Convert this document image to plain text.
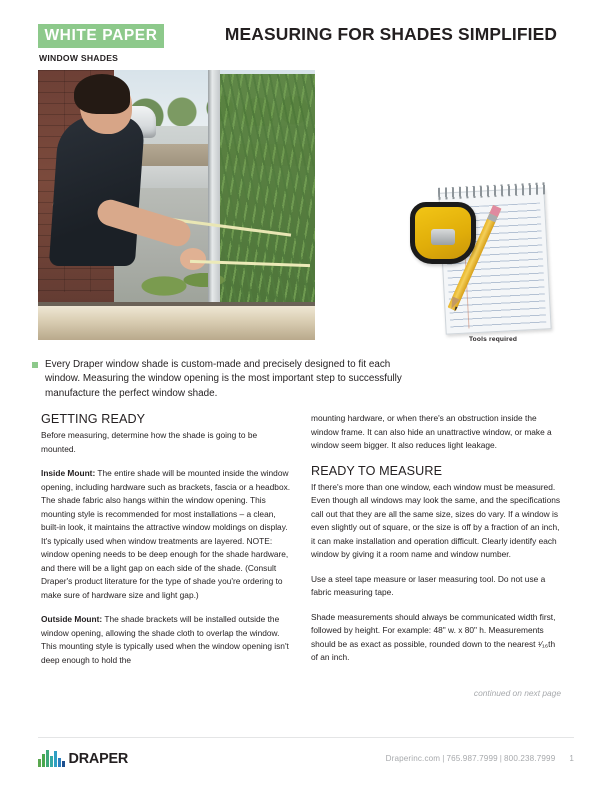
WHITE PAPER
WINDOW SHADES
MEASURING FOR SHADES SIMPLIFIED
Tools required
Every Draper window shade is custom-made and precisely designed to fit each window. Measuring the window opening is the most important step to successfully manufacture the perfect window shade.
GETTING READY

Before measuring, determine how the shade is going to be mounted.

Inside Mount: The entire shade will be mounted inside the window opening, including hardware such as brackets, fascia or a headbox. The shade fabric also hangs within the window opening. This mounting style is recommended for most installations – a clean, built-in look, it maintains the attractive window moldings on display. It's typically used when window treatments are layered. NOTE: window opening needs to be deep enough for the shade hardware, and there will be a light gap on each side of the shade. (Consult Draper's product literature for the type of shade you're ordering to make sure of hardware size and light gap.)

Outside Mount: The shade brackets will be installed outside the window opening, allowing the shade cloth to overlap the window. This mounting style is typically used when the window opening isn't deep enough to hold the

mounting hardware, or when there's an obstruction inside the window frame. It can also hide an unattractive window, or make a window seem bigger. It also reduces light leakage.

READY TO MEASURE

If there's more than one window, each window must be measured. Even though all windows may look the same, and the specifications call out that they are all the same size, sizes do vary. If a window is even slightly out of square, or the size is off by a fraction of an inch, it can make installation and operation difficult. Clearly identify each window by giving it a room name and window number.

Use a steel tape measure or laser measuring tool. Do not use a fabric measuring tape.

Shade measurements should always be communicated width first, followed by height. For example: 48" w. x 80" h. Measurements should be as exact as possible, rounded down to the nearest ¹⁄₁₆th of an inch.

continued on next page
DRAPER	Draperinc.com | 765.987.7999 | 800.238.7999 1
